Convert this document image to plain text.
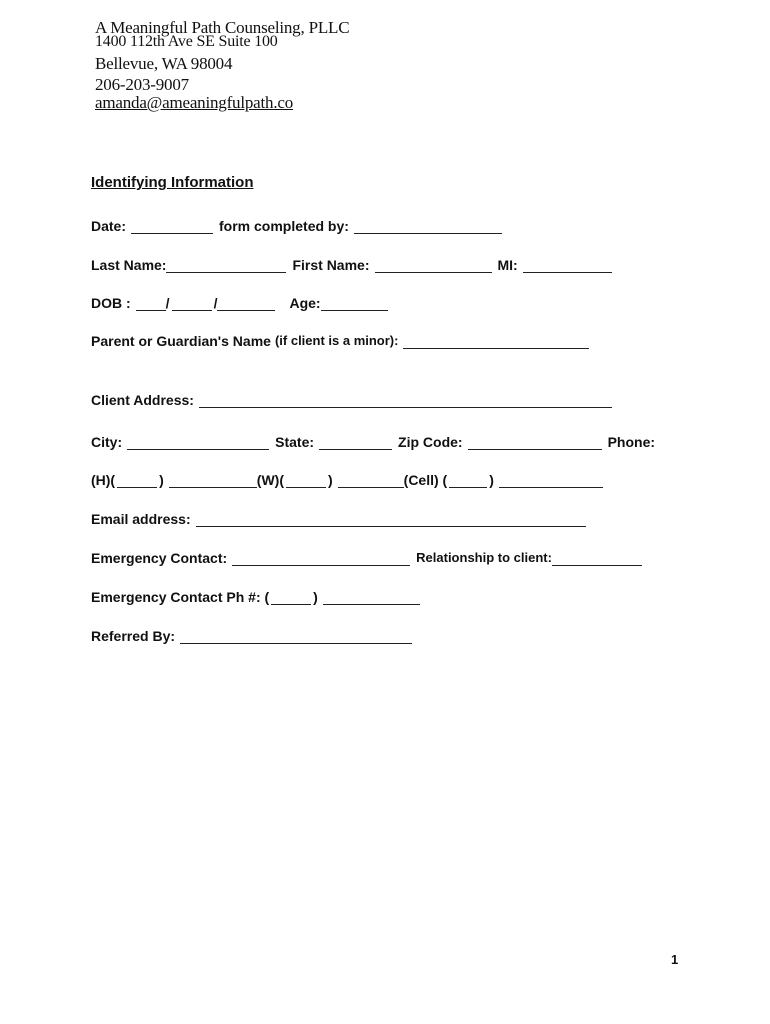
A Meaningful Path Counseling, PLLC
1400 112th Ave SE Suite 100
Bellevue, WA 98004
206-203-9007
amanda@ameaningfulpath.co
Identifying Information
Date:	form completed by:
Last Name:	First Name:	MI:
DOB :	/	/	Age:
Parent or Guardian's Name (if client is a minor):
Client Address:
City:	State:	Zip Code:	Phone:
(H)(	)	(W)(	)	(Cell) (	)
Email address:
Emergency Contact:	Relationship to client:
Emergency Contact Ph #: (	)
Referred By:
1
